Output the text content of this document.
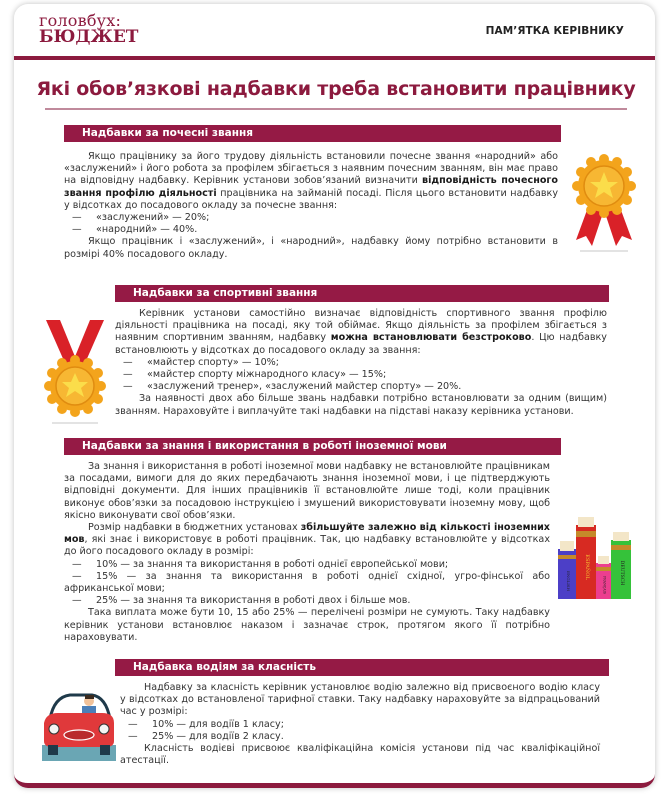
головбух:
БЮДЖЕТ	ПАМ’ЯТКА КЕРІВНИКУ
Які обов’язкові надбавки треба встановити працівнику
Надбавки за почесні звання

Якщо працівнику за його трудову діяльність встановили почесне звання «народний» або «заслужений» і його робота за профілем збігається з наявним почесним званням, він має право на відповідну надбавку. Керівник установи зобов’язаний визначити відповідність почесного звання профілю діяльності працівника на займаній посаді. Після цього встановити надбавку у відсотках до посадового окладу за почесне звання:

— «заслужений» — 20%;

— «народний» — 40%.

Якщо працівник і «заслужений», і «народний», надбавку йому потрібно встановити в розмірі 40% посадового окладу.

Надбавки за спортивні звання

Керівник установи самостійно визначає відповідність спортивного звання профілю діяльності працівника на посаді, яку той обіймає. Якщо діяльність за профілем збігається з наявним спортивним званням, надбавку можна встановлювати безстроково. Цю надбавку встановлюють у відсотках до посадового окладу за звання:

— «майстер спорту» — 10%;

— «майстер спорту міжнародного класу» — 15%;

— «заслужений тренер», «заслужений майстер спорту» — 20%.

За наявності двох або більше звань надбавки потрібно встановлювати за одним (вищим) званням. Нараховуйте і виплачуйте такі надбавки на підставі наказу керівника установи.

Надбавки за знання і використання в роботі іноземної мови

За знання і використання в роботі іноземної мови надбавку не встановлюйте працівникам за посадами, вимоги для до яких передбачають знання іноземної мови, і це підтверджують відповідні документи. Для інших працівників її встановлюйте лише тоді, коли працівник виконує обов’язки за посадовою інструкцією і змушений використовувати іноземну мову, щоб якісно виконувати свої обов’язки.

Розмір надбавки в бюджетних установах збільшуйте залежно від кількості іноземних мов, які знає і використовує в роботі працівник. Так, цю надбавку встановлюйте у відсотках до його посадового окладу в розмірі:

— 10% — за знання та використання в роботі однієї європейської мови;

— 15% — за знання та використання в роботі однієї східної, угро-фінської або африканської мови;

— 25% — за знання та використання в роботі двох і більше мов.

Така виплата може бути 10, 15 або 25% — перелічені розміри не сумують. Таку надбавку керівник установи встановлює наказом і зазначає строк, протягом якого її потрібно нараховувати.

ENGLISH
ESPAÑOL
FRANÇAIS	DEUTSCH
Надбавка водіям за класність

Надбавку за класність керівник установлює водію залежно від присвоєного водію класу у відсотках до встановленої тарифної ставки. Таку надбавку нараховуйте за відпрацьований час у розмірі:

— 10% — для водіїв 1 класу;

— 25% — для водіїв 2 класу.

Класність водієві присвоює кваліфікаційна комісія установи під час кваліфікаційної атестації.
